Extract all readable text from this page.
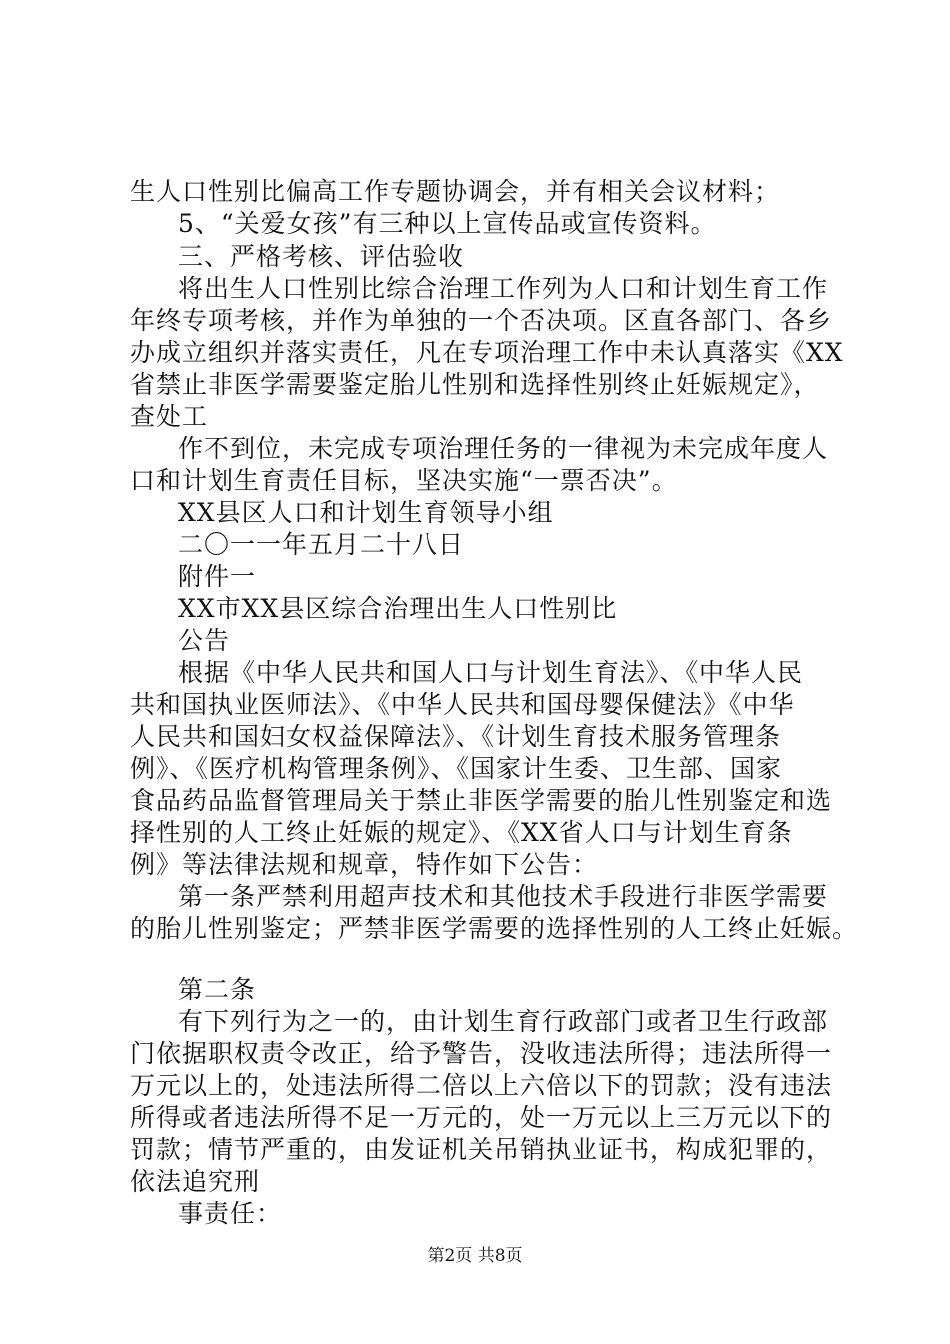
生人口性别比偏高工作专题协调会，并有相关会议材料；
5、“关爱女孩”有三种以上宣传品或宣传资料。
三、严格考核、评估验收
将出生人口性别比综合治理工作列为人口和计划生育工作
年终专项考核，并作为单独的一个否决项。区直各部门、各乡
办成立组织并落实责任，凡在专项治理工作中未认真落实《XX
省禁止非医学需要鉴定胎儿性别和选择性别终止妊娠规定》，
查处工
作不到位，未完成专项治理任务的一律视为未完成年度人
口和计划生育责任目标，坚决实施“一票否决”。
XX县区人口和计划生育领导小组
二〇一一年五月二十八日
附件一
XX市XX县区综合治理出生人口性别比
公告
根据《中华人民共和国人口与计划生育法》、《中华人民
共和国执业医师法》、《中华人民共和国母婴保健法》《中华
人民共和国妇女权益保障法》、《计划生育技术服务管理条
例》、《医疗机构管理条例》、《国家计生委、卫生部、国家
食品药品监督管理局关于禁止非医学需要的胎儿性别鉴定和选
择性别的人工终止妊娠的规定》、《XX省人口与计划生育条
例》等法律法规和规章，特作如下公告：
第一条严禁利用超声技术和其他技术手段进行非医学需要
的胎儿性别鉴定；严禁非医学需要的选择性别的人工终止妊娠。
第二条
有下列行为之一的，由计划生育行政部门或者卫生行政部
门依据职权责令改正，给予警告，没收违法所得；违法所得一
万元以上的，处违法所得二倍以上六倍以下的罚款；没有违法
所得或者违法所得不足一万元的，处一万元以上三万元以下的
罚款；情节严重的，由发证机关吊销执业证书，构成犯罪的，
依法追究刑
事责任：
第2页 共8页
